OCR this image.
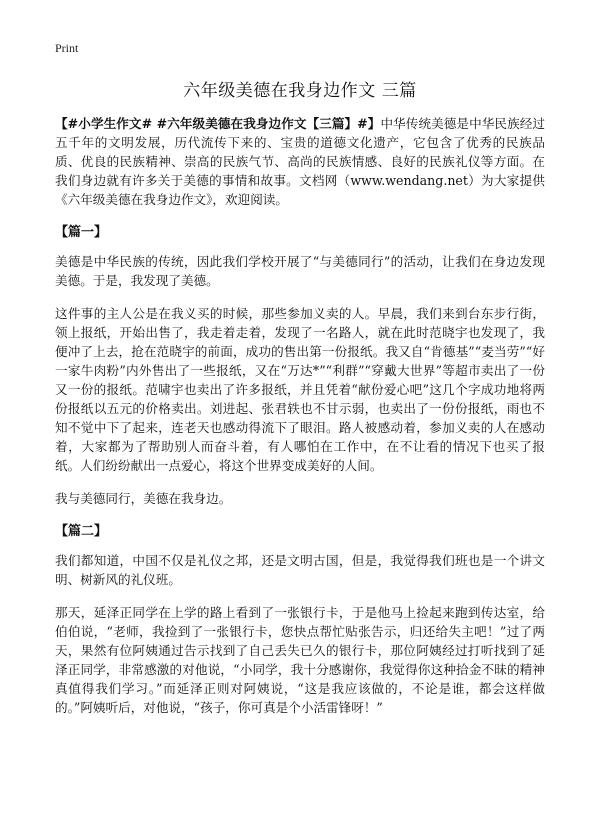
Print
六年级美德在我身边作文 三篇

【#小学生作文# #六年级美德在我身边作文【三篇】#】中华传统美德是中华民族经过五千年的文明发展，历代流传下来的、宝贵的道德文化遗产，它包含了优秀的民族品质、优良的民族精神、崇高的民族气节、高尚的民族情感、良好的民族礼仪等方面。在我们身边就有许多关于美德的事情和故事。文档网（www.wendang.net）为大家提供《六年级美德在我身边作文》，欢迎阅读。

【篇一】

美德是中华民族的传统，因此我们学校开展了“与美德同行”的活动，让我们在身边发现美德。于是，我发现了美德。

这件事的主人公是在我义买的时候，那些参加义卖的人。早晨，我们来到台东步行街，领上报纸，开始出售了，我走着走着，发现了一名路人，就在此时范晓宇也发现了，我便冲了上去，抢在范晓宇的前面，成功的售出第一份报纸。我又自“肯德基”“麦当劳”“好一家牛肉粉”内外售出了一些报纸，又在“万达*”“利群”“穿戴大世界”等超市卖出了一份又一份的报纸。范啸宇也卖出了许多报纸，并且凭着“献份爱心吧”这几个字成功地将两份报纸以五元的价格卖出。刘进起、张君轶也不甘示弱，也卖出了一份份报纸，雨也不知不觉中下了起来，连老天也感动得流下了眼泪。路人被感动着，参加义卖的人在感动着，大家都为了帮助别人而奋斗着，有人哪怕在工作中，在不让看的情况下也买了报纸。人们纷纷献出一点爱心，将这个世界变成美好的人间。

我与美德同行，美德在我身边。

【篇二】

我们都知道，中国不仅是礼仪之邦，还是文明古国，但是，我觉得我们班也是一个讲文明、树新风的礼仪班。

那天，延泽正同学在上学的路上看到了一张银行卡，于是他马上捡起来跑到传达室，给伯伯说，“老师，我捡到了一张银行卡，您快点帮忙贴张告示，归还给失主吧！”过了两天，果然有位阿姨通过告示找到了自己丢失已久的银行卡，那位阿姨经过打听找到了延泽正同学，非常感激的对他说，“小同学，我十分感谢你，我觉得你这种拾金不昧的精神真值得我们学习。”而延泽正则对阿姨说，“这是我应该做的，不论是谁，都会这样做的。”阿姨听后，对他说，“孩子，你可真是个小活雷锋呀！”
